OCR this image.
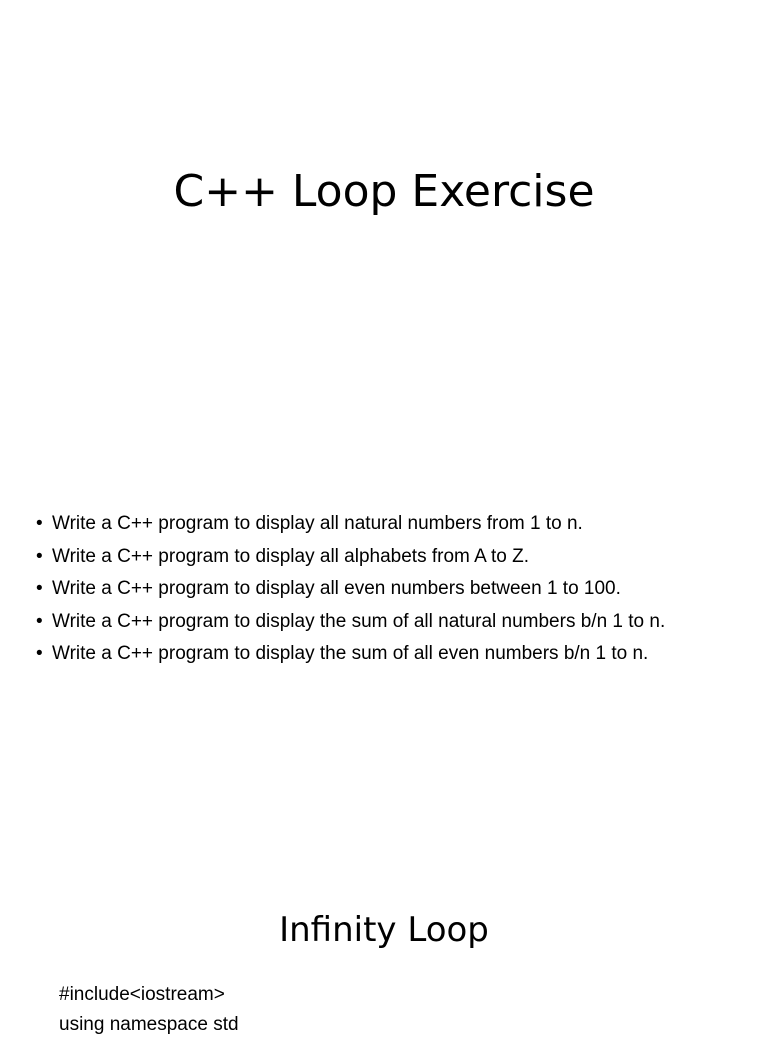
C++ Loop Exercise
• Write a C++ program to display all natural numbers from 1 to n.
• Write a C++ program to display all alphabets from A to Z.
• Write a C++ program to display all even numbers between 1 to 100.
• Write a C++ program to display the sum of all natural numbers b/n 1 to n.
• Write a C++ program to display the sum of all even numbers b/n 1 to n.
Infinity Loop
#include<iostream>
using namespace std
